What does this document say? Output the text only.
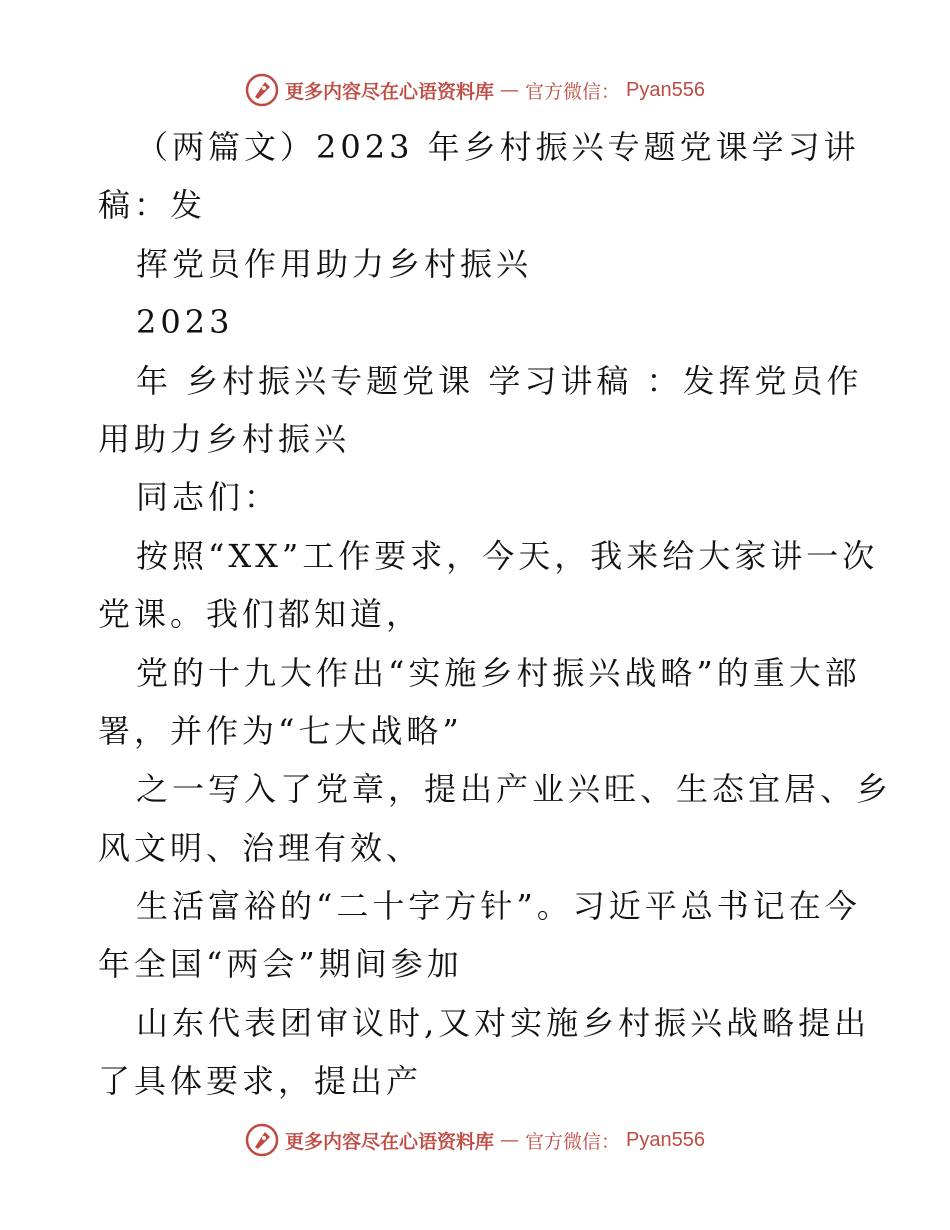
更多内容尽在心语资料库 — 官方微信： Pyan556

（两篇文）2023 年乡村振兴专题党课学习讲

稿：发

挥党员作用助力乡村振兴

2023

年 乡村振兴专题党课 学习讲稿 ：发挥党员作

用助力乡村振兴

同志们：

按照“XX”工作要求，今天，我来给大家讲一次

党课。我们都知道，

党的十九大作出“实施乡村振兴战略”的重大部

署，并作为“七大战略”

之一写入了党章，提出产业兴旺、生态宜居、乡

风文明、治理有效、

生活富裕的“二十字方针”。习近平总书记在今

年全国“两会”期间参加

山东代表团审议时,又对实施乡村振兴战略提出

了具体要求，提出产

更多内容尽在心语资料库 — 官方微信： Pyan556
